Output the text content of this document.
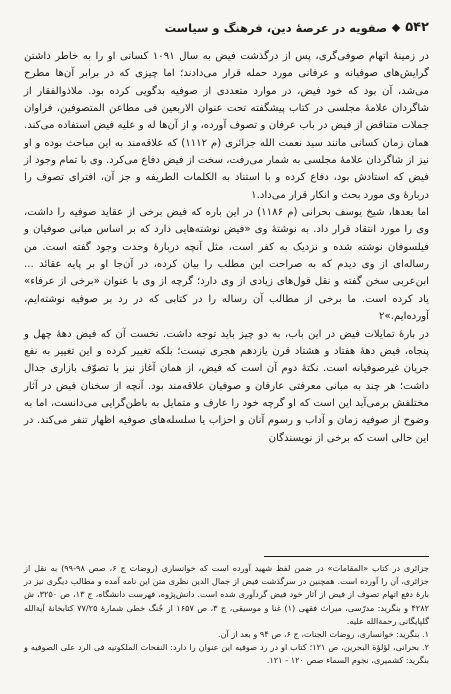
۵۴۲
صفویه در عرصهٔ دین، فرهنگ و سیاست

در زمینهٔ اتهام صوفی‌گری، پس از درگذشت فیض به سال ۱۰۹۱ کسانی او را به خاطر داشتن گرایش‌های صوفیانه و عرفانی مورد حمله قرار می‌دادند؛ اما چیزی که در برابر آن‌ها مطرح می‌شد، آن بود که خود فیض، در موارد متعددی از صوفیه بدگویی کرده بود. ملاذوالفقار از شاگردان علامهٔ مجلسی در کتاب پیشگفته تحت عنوان الاربعین فی مطاعن المتصوفین، فراوان جملات متناقض از فیض در باب عرفان و تصوف آورده، و از آن‌ها له و علیه فیض استفاده می‌کند. همان زمان کسانی مانند سید نعمت الله جزائری (م ۱۱۱۲) که علاقه‌مند به این مباحث بوده و او نیز از شاگردان علامهٔ مجلسی به شمار می‌رفت، سخت از فیض دفاع می‌کرد. وی با تمام وجود از فیض که استادش بود، دفاع کرده و با استناد به الکلمات الطریفه و جز آن، افترای تصوف را دربارهٔ وی مورد بحث و انکار قرار می‌داد.۱

اما بعدها، شیخ یوسف بحرانی (م ۱۱۸۶) در این باره که فیض برخی از عقاید صوفیه را داشت، وی را مورد انتقاد قرار داد. به نوشتهٔ وی «فیض نوشته‌هایی دارد که بر اساس مبانی صوفیان و فیلسوفان نوشته شده و نزدیک به کفر است، مثل آنچه دربارهٔ وحدت وجود گفته است. من رساله‌ای از وی دیدم که به صراحت این مطلب را بیان کرده، در آن‌جا او بر پایه عقائد ... ابن‌عربی سخن گفته و نقل قول‌های زیادی از وی دارد؛ گرچه از وی با عنوان «برخی از عرفاء» یاد کرده است. ما برخی از مطالب آن رساله را در کتابی که در رد بر صوفیه نوشته‌ایم، آورده‌ایم.»۲

در بارهٔ تمایلات فیض در این باب، به دو چیز باید توجه داشت. نخست آن که فیض دههٔ چهل و پنجاه، فیض دههٔ هفتاد و هشتاد قرن یازدهم هجری نیست؛ بلکه تغییر کرده و این تغییر به نفع جریان غیرصوفیانه است. نکتهٔ دوم آن است که فیض، از همان آغاز نیز با تصوّف بازاری جدال داشت؛ هر چند به مبانی معرفتی عارفان و صوفیان علاقه‌مند بود. آنچه از سخنان فیض در آثار مختلفش برمی‌آید این است که او گرچه خود را عارف و متمایل به باطن‌گرایی می‌دانست، اما به وضوح از صوفیه زمان و آداب و رسوم آنان و احزاب یا سلسله‌های صوفیه اظهار تنفر می‌کند. در این حالی است که برخی از نویسندگان

جزائری در کتاب «المقامات» در ضمن لفظ شهید آورده است که خوانساری (روضات ج ۶، صص ۹۸-۹۹) به نقل از جزائری، آن را آورده است. همچنین در سرگذشت فیض از جمال الدین نظری متن این نامه آمده و مطالب دیگری نیز در بارهٔ دفع اتهام تصوف از فیض از آثار خود فیض گردآوری شده است. دانش‌پژوه، فهرست دانشگاه، ج ۱۳، ص ۳۲۵۰، ش ۴۲۸۲ و بنگرید: مدرّسی، میراث فقهی (۱) غنا و موسیقی، ج ۳، ص ۱۶۵۷ از جُنگ خطی شمارهٔ ۷۷/۲۵ کتابخانهٔ آیةالله گلپایگانی رحمةالله علیه.

۱. بنگرید: خوانساری، روضات الجنات، ج ۶، ص ۹۴ و بعد از آن.

۲. بحرانی، لؤلؤة البحرین، ص ۱۲۱؛ کتاب او در رد صوفیه این عنوان را دارد: النفحات الملکوتیه فی الرد علی الصوفیه و بنگرید: کشمیری، نجوم السماء صص ۱۲۰ - ۱۲۱.
